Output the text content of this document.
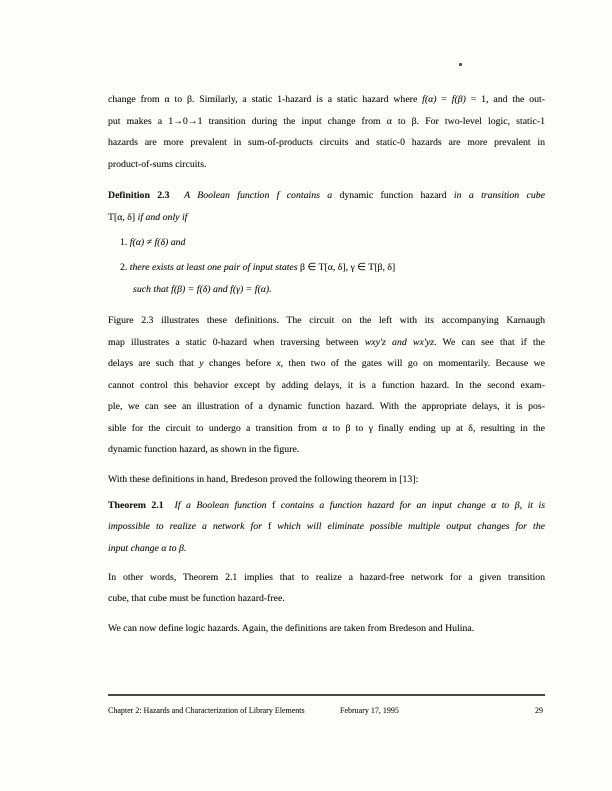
change from α to β. Similarly, a static 1-hazard is a static hazard where f(α) = f(β) = 1, and the out-
put makes a 1→0→1 transition during the input change from α to β. For two-level logic, static-1
hazards are more prevalent in sum-of-products circuits and static-0 hazards are more prevalent in
product-of-sums circuits.
Definition 2.3 A Boolean function f contains a dynamic function hazard in a transition cube
T[α, δ] if and only if
1. f(α) ≠ f(δ) and
2. there exists at least one pair of input states β ∈ T[α, δ], γ ∈ T[β, δ]
such that f(β) = f(δ) and f(γ) = f(α).
Figure 2.3 illustrates these definitions. The circuit on the left with its accompanying Karnaugh
map illustrates a static 0-hazard when traversing between wxy'z and wx'yz. We can see that if the
delays are such that y changes before x, then two of the gates will go on momentarily. Because we
cannot control this behavior except by adding delays, it is a function hazard. In the second exam-
ple, we can see an illustration of a dynamic function hazard. With the appropriate delays, it is pos-
sible for the circuit to undergo a transition from α to β to γ finally ending up at δ, resulting in the
dynamic function hazard, as shown in the figure.
With these definitions in hand, Bredeson proved the following theorem in [13]:
Theorem 2.1 If a Boolean function f contains a function hazard for an input change α to β, it is
impossible to realize a network for f which will eliminate possible multiple output changes for the
input change α to β.
In other words, Theorem 2.1 implies that to realize a hazard-free network for a given transition
cube, that cube must be function hazard-free.
We can now define logic hazards. Again, the definitions are taken from Bredeson and Hulina.
Chapter 2: Hazards and Characterization of Library Elements	February 17, 1995	29
